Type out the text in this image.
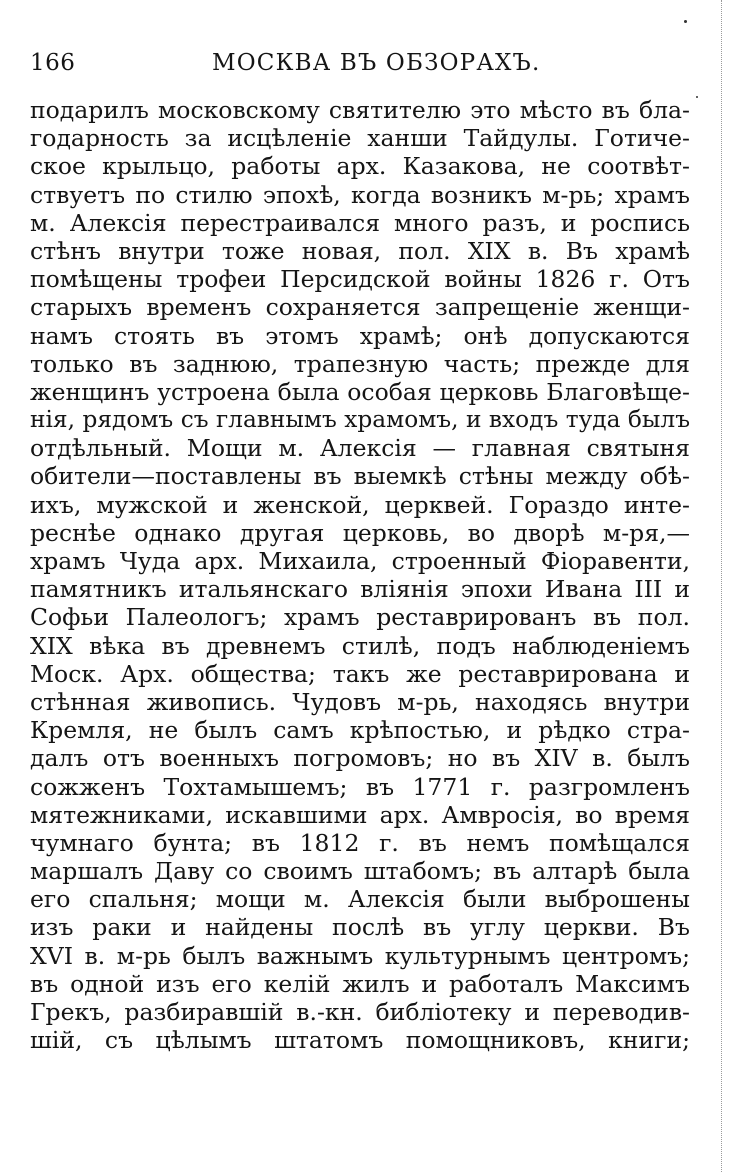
166	МОСКВА ВЪ ОБЗОРАХЪ.
подарилъ московскому святителю это мѣсто въ бла-
годарность за исцѣленіе ханши Тайдулы. Готиче-
ское крыльцо, работы арх. Казакова, не соотвѣт-
ствуетъ по стилю эпохѣ, когда возникъ м-рь; храмъ
м. Алексія перестраивался много разъ, и роспись
стѣнъ внутри тоже новая, пол. XIX в. Въ храмѣ
помѣщены трофеи Персидской войны 1826 г. Отъ
старыхъ временъ сохраняется запрещеніе женщи-
намъ стоять въ этомъ храмѣ; онѣ допускаются
только въ заднюю, трапезную часть; прежде для
женщинъ устроена была особая церковь Благовѣще-
нія, рядомъ съ главнымъ храмомъ, и входъ туда былъ
отдѣльный. Мощи м. Алексія — главная святыня
обители—поставлены въ выемкѣ стѣны между обѣ-
ихъ, мужской и женской, церквей. Гораздо инте-
реснѣе однако другая церковь, во дворѣ м-ря,—
храмъ Чуда арх. Михаила, строенный Фіоравенти,
памятникъ итальянскаго вліянія эпохи Ивана III и
Софьи Палеологъ; храмъ реставрированъ въ пол.
XIX вѣка въ древнемъ стилѣ, подъ наблюденіемъ
Моск. Арх. общества; такъ же реставрирована и
стѣнная живопись. Чудовъ м-рь, находясь внутри
Кремля, не былъ самъ крѣпостью, и рѣдко стра-
далъ отъ военныхъ погромовъ; но въ XIV в. былъ
сожженъ Тохтамышемъ; въ 1771 г. разгромленъ
мятежниками, искавшими арх. Амвросія, во время
чумнаго бунта; въ 1812 г. въ немъ помѣщался
маршалъ Даву со своимъ штабомъ; въ алтарѣ была
его спальня; мощи м. Алексія были выброшены
изъ раки и найдены послѣ въ углу церкви. Въ
XVI в. м-рь былъ важнымъ культурнымъ центромъ;
въ одной изъ его келій жилъ и работалъ Максимъ
Грекъ, разбиравшій в.-кн. библіотеку и переводив-
шій, съ цѣлымъ штатомъ помощниковъ, книги;
